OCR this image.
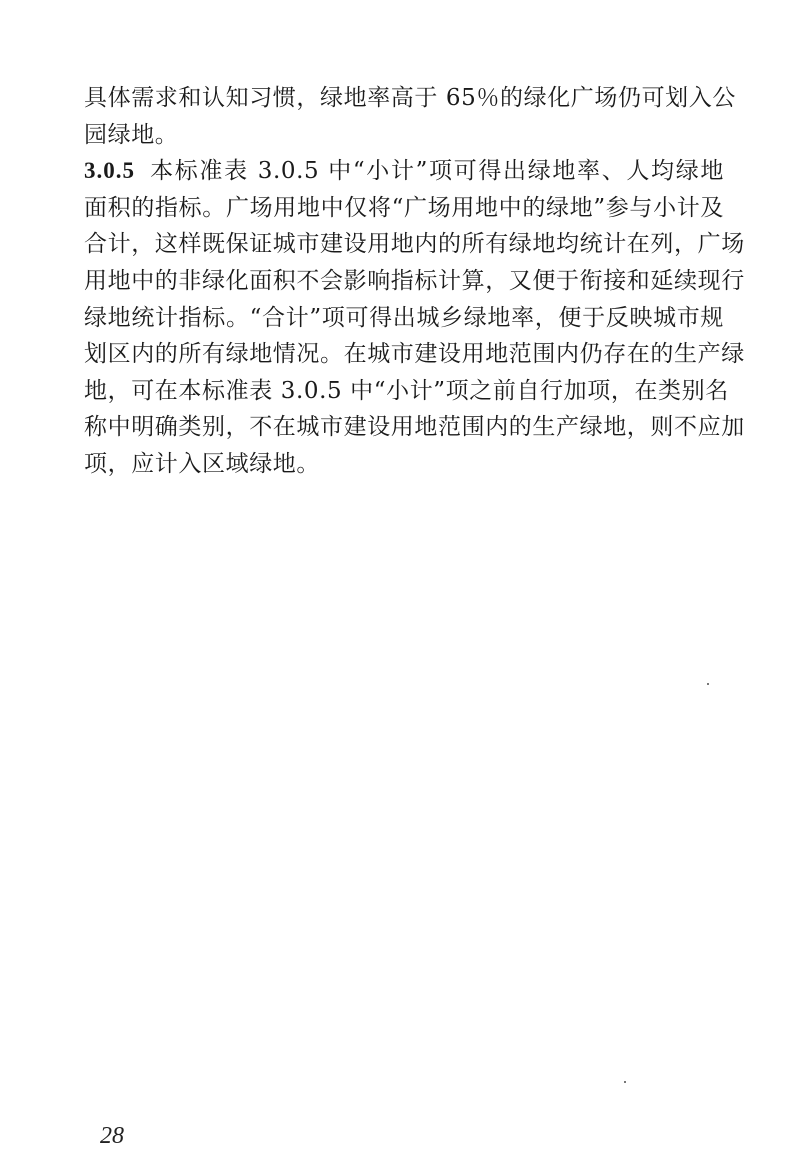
具体需求和认知习惯，绿地率高于 65％的绿化广场仍可划入公
园绿地。

3.0.5 本标准表 3.0.5 中“小计”项可得出绿地率、人均绿地
面积的指标。广场用地中仅将“广场用地中的绿地”参与小计及
合计，这样既保证城市建设用地内的所有绿地均统计在列，广场
用地中的非绿化面积不会影响指标计算，又便于衔接和延续现行
绿地统计指标。“合计”项可得出城乡绿地率，便于反映城市规
划区内的所有绿地情况。在城市建设用地范围内仍存在的生产绿
地，可在本标准表 3.0.5 中“小计”项之前自行加项，在类别名
称中明确类别，不在城市建设用地范围内的生产绿地，则不应加
项，应计入区域绿地。

28
